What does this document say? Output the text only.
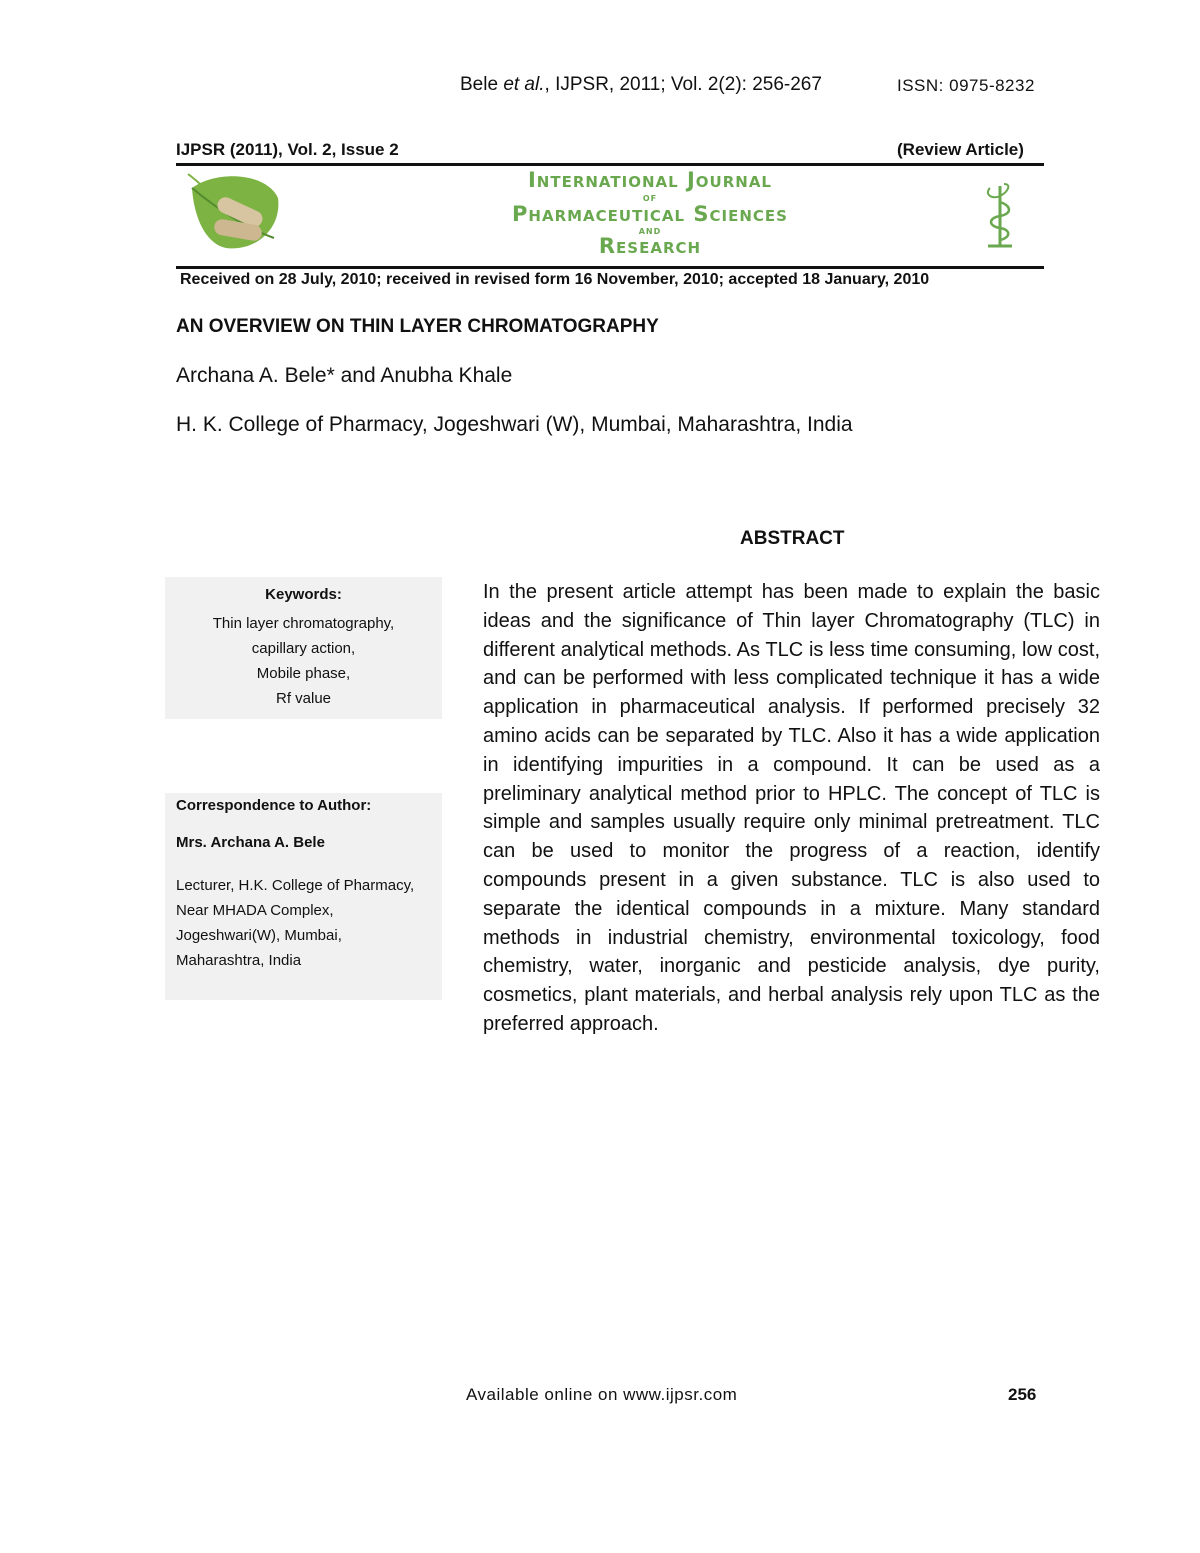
Bele et al., IJPSR, 2011; Vol. 2(2): 256-267	ISSN: 0975-8232
IJPSR (2011), Vol. 2, Issue 2	(Review Article)
International Journal
of
Pharmaceutical Sciences
and
Research
Received on 28 July, 2010; received in revised form 16 November, 2010; accepted 18 January, 2010
AN OVERVIEW ON THIN LAYER CHROMATOGRAPHY
Archana A. Bele* and Anubha Khale
H. K. College of Pharmacy, Jogeshwari (W), Mumbai, Maharashtra, India
ABSTRACT
Keywords:
Thin layer chromatography,
capillary action,
Mobile phase,
Rf value
Correspondence to Author:
Mrs. Archana A. Bele
Lecturer, H.K. College of Pharmacy,
Near MHADA Complex,
Jogeshwari(W), Mumbai,
Maharashtra, India
In the present article attempt has been made to explain the basic ideas and the significance of Thin layer Chromatography (TLC) in different analytical methods. As TLC is less time consuming, low cost, and can be performed with less complicated technique it has a wide application in pharmaceutical analysis. If performed precisely 32 amino acids can be separated by TLC. Also it has a wide application in identifying impurities in a compound. It can be used as a preliminary analytical method prior to HPLC. The concept of TLC is simple and samples usually require only minimal pretreatment. TLC can be used to monitor the progress of a reaction, identify compounds present in a given substance. TLC is also used to separate the identical compounds in a mixture. Many standard methods in industrial chemistry, environmental toxicology, food chemistry, water, inorganic and pesticide analysis, dye purity, cosmetics, plant materials, and herbal analysis rely upon TLC as the preferred approach.
Available online on www.ijpsr.com	256
